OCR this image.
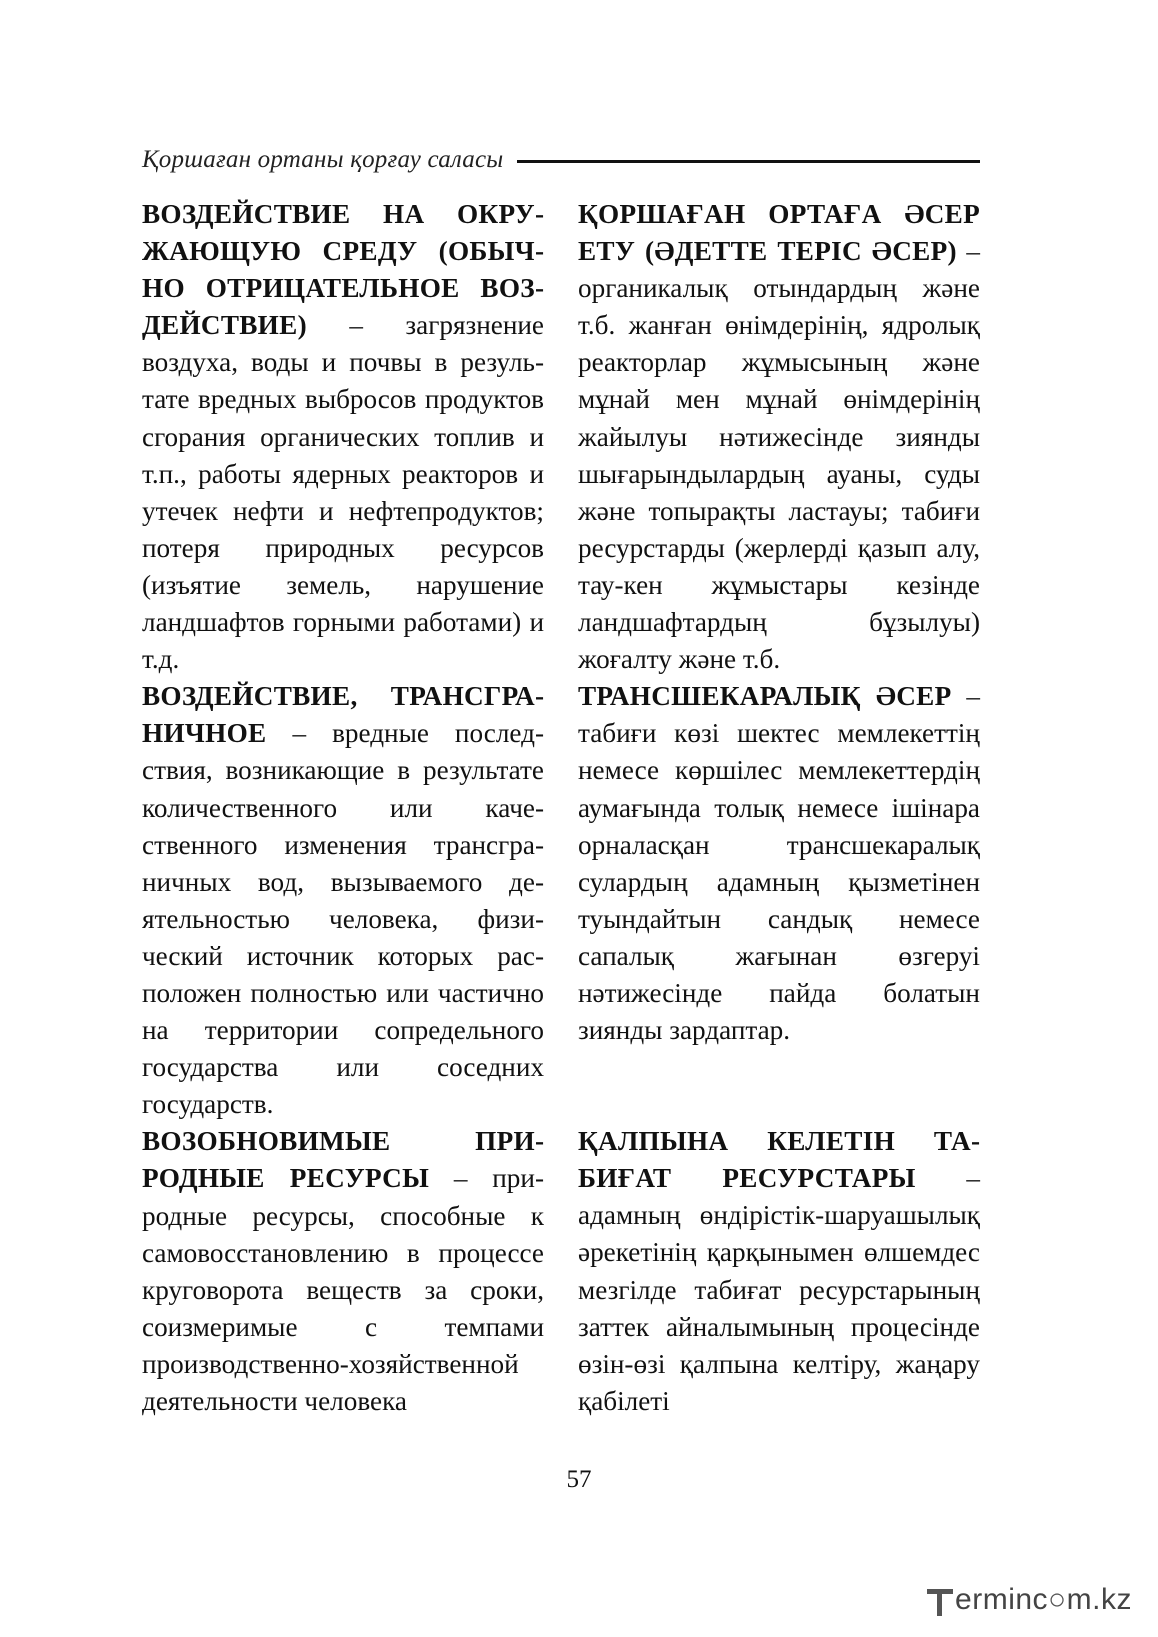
Қоршаған ортаны қорғау саласы

ВОЗДЕЙСТВИЕ НА ОКРУЖАЮЩУЮ СРЕДУ (ОБЫЧНО ОТРИЦАТЕЛЬНОЕ ВОЗДЕЙСТВИЕ) – загрязнение воздуха, воды и почвы в результате вредных выбросов продуктов сгорания органических топлив и т.п., работы ядерных реакторов и утечек нефти и нефтепродуктов; потеря природных ресурсов (изъятие земель, нарушение ландшафтов горными работами) и т.д.

ВОЗДЕЙСТВИЕ, ТРАНСГРАНИЧНОЕ – вредные последствия, возникающие в результате количественного или качественного изменения трансграничных вод, вызываемого деятельностью человека, физический источник которых расположен полностью или частично на территории сопредельного государства или соседних государств.

ВОЗОБНОВИМЫЕ ПРИРОДНЫЕ РЕСУРСЫ – природные ресурсы, способные к самовосстановлению в процессе круговорота веществ за сроки, соизмеримые с темпами производственно-хозяйственной деятельности человека

ҚОРШАҒАН ОРТАҒА ӘСЕР ЕТУ (ӘДЕТТЕ ТЕРІС ӘСЕР) – органикалық отындардың және т.б. жанған өнімдерінің, ядролық реакторлар жұмысының және мұнай мен мұнай өнімдерінің жайылуы нәтижесінде зиянды шығарындылардың ауаны, суды және топырақты ластауы; табиғи ресурстарды (жерлерді қазып алу, тау-кен жұмыстары кезінде ландшафтардың бұзылуы) жоғалту және т.б.

ТРАНСШЕКАРАЛЫҚ ӘСЕР – табиғи көзі шектес мемлекеттің немесе көршілес мемлекеттердің аумағында толық немесе ішінара орналасқан трансшекаралық сулардың адамның қызметінен туындайтын сандық немесе сапалық жағынан өзгеруі нәтижесінде пайда болатын зиянды зардаптар.

ҚАЛПЫНА КЕЛЕТІН ТАБИҒАТ РЕСУРСТАРЫ – адамның өндірістік-шаруашылық әрекетінің қарқынымен өлшемдес мезгілде табиғат ресурстарының заттек айналымының процесінде өзін-өзі қалпына келтіру, жаңару қабілеті

57
erminc ○ m.kz
